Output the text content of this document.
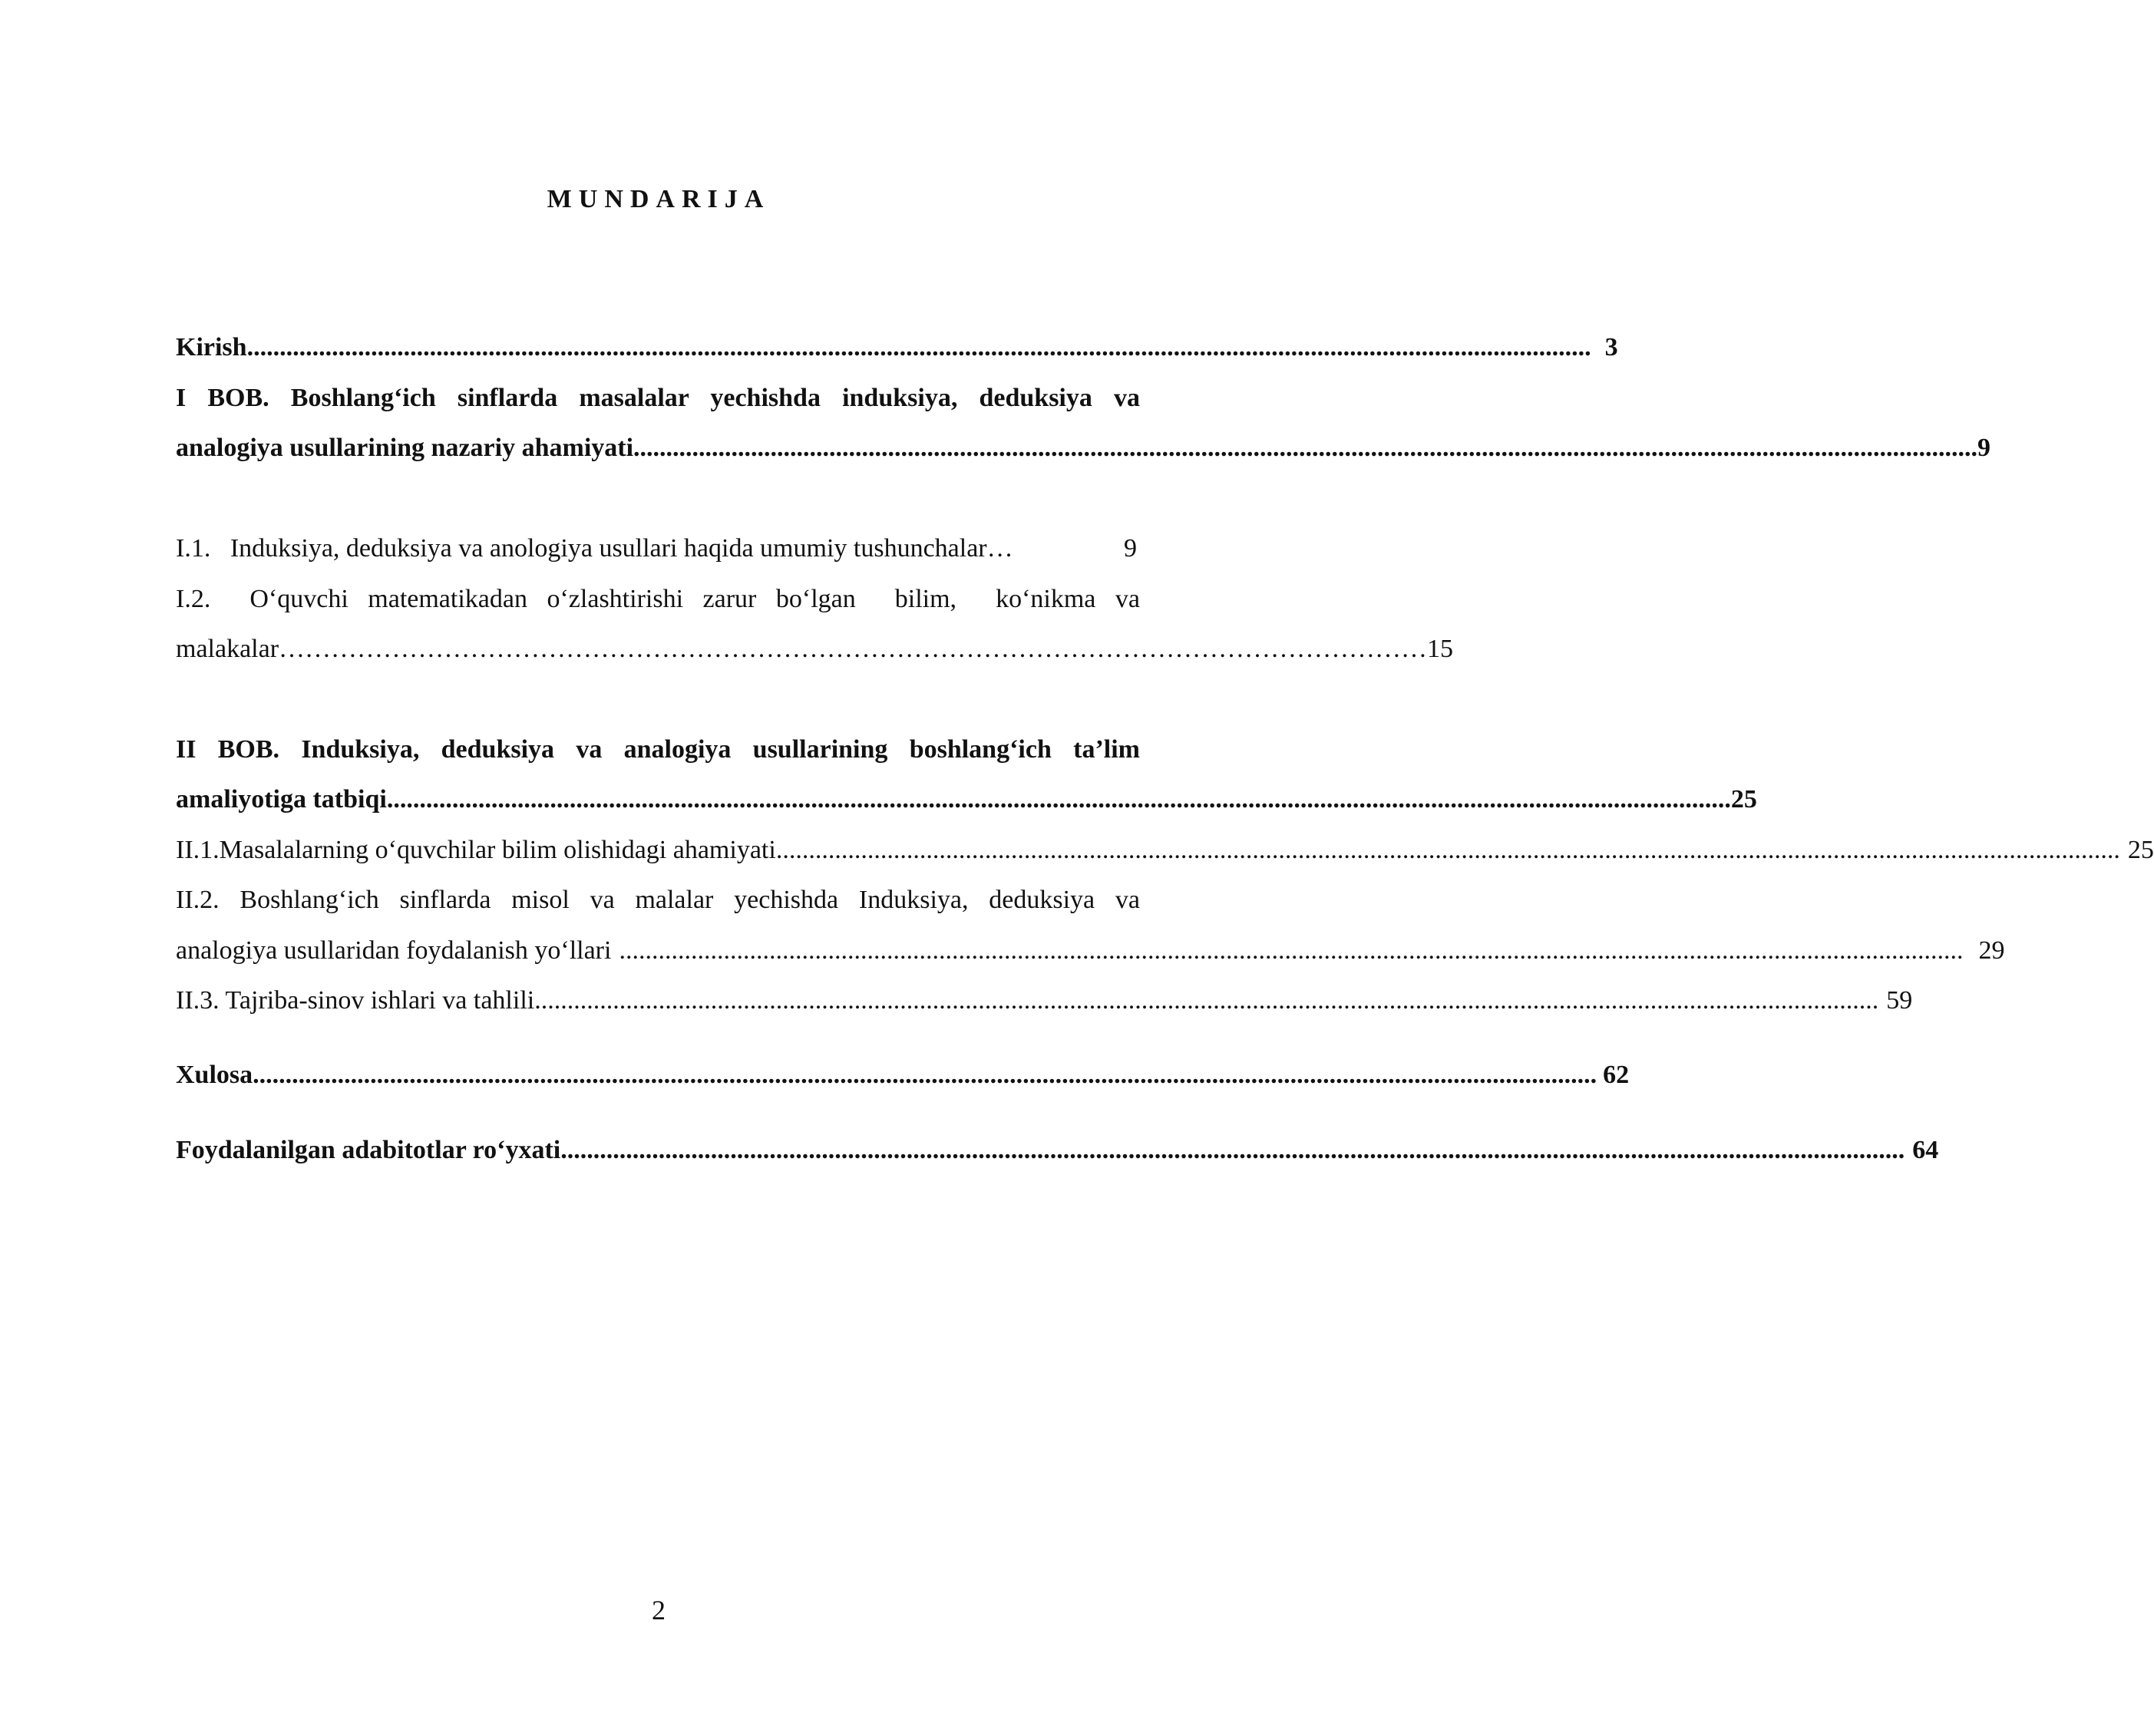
MUNDARIJA
Kirish .............................................................................................................................................................................................................. 3
I BOB. Boshlang‘ich sinflarda masalalar yechishda induksiya, deduksiya va
analogiya usullarining nazariy ahamiyati .............................................................................................................................................................................................................. 9
I.1.   Induksiya, deduksiya va anologiya usullari haqida umumiy tushunchalar…	9
I.2.  O‘quvchi matematikadan o‘zlashtirishi zarur bo‘lgan  bilim,  ko‘nikma va
malakalar …………………………………………………………………………………………………………………… 15
II BOB. Induksiya, deduksiya va analogiya usullarining boshlang‘ich ta’lim
amaliyotiga tatbiqi .............................................................................................................................................................................................................. 25
II.1.Masalalarning o‘quvchilar bilim olishidagi ahamiyati .............................................................................................................................................................................................................. 25
II.2. Boshlang‘ich sinflarda misol va malalar yechishda Induksiya, deduksiya va
analogiya usullaridan foydalanish yo‘llari .............................................................................................................................................................................................................. 29
II.3. Tajriba-sinov ishlari va tahlili .............................................................................................................................................................................................................. 59
Xulosa .............................................................................................................................................................................................................. 62
Foydalanilgan adabitotlar ro‘yxati .............................................................................................................................................................................................................. 64
2
